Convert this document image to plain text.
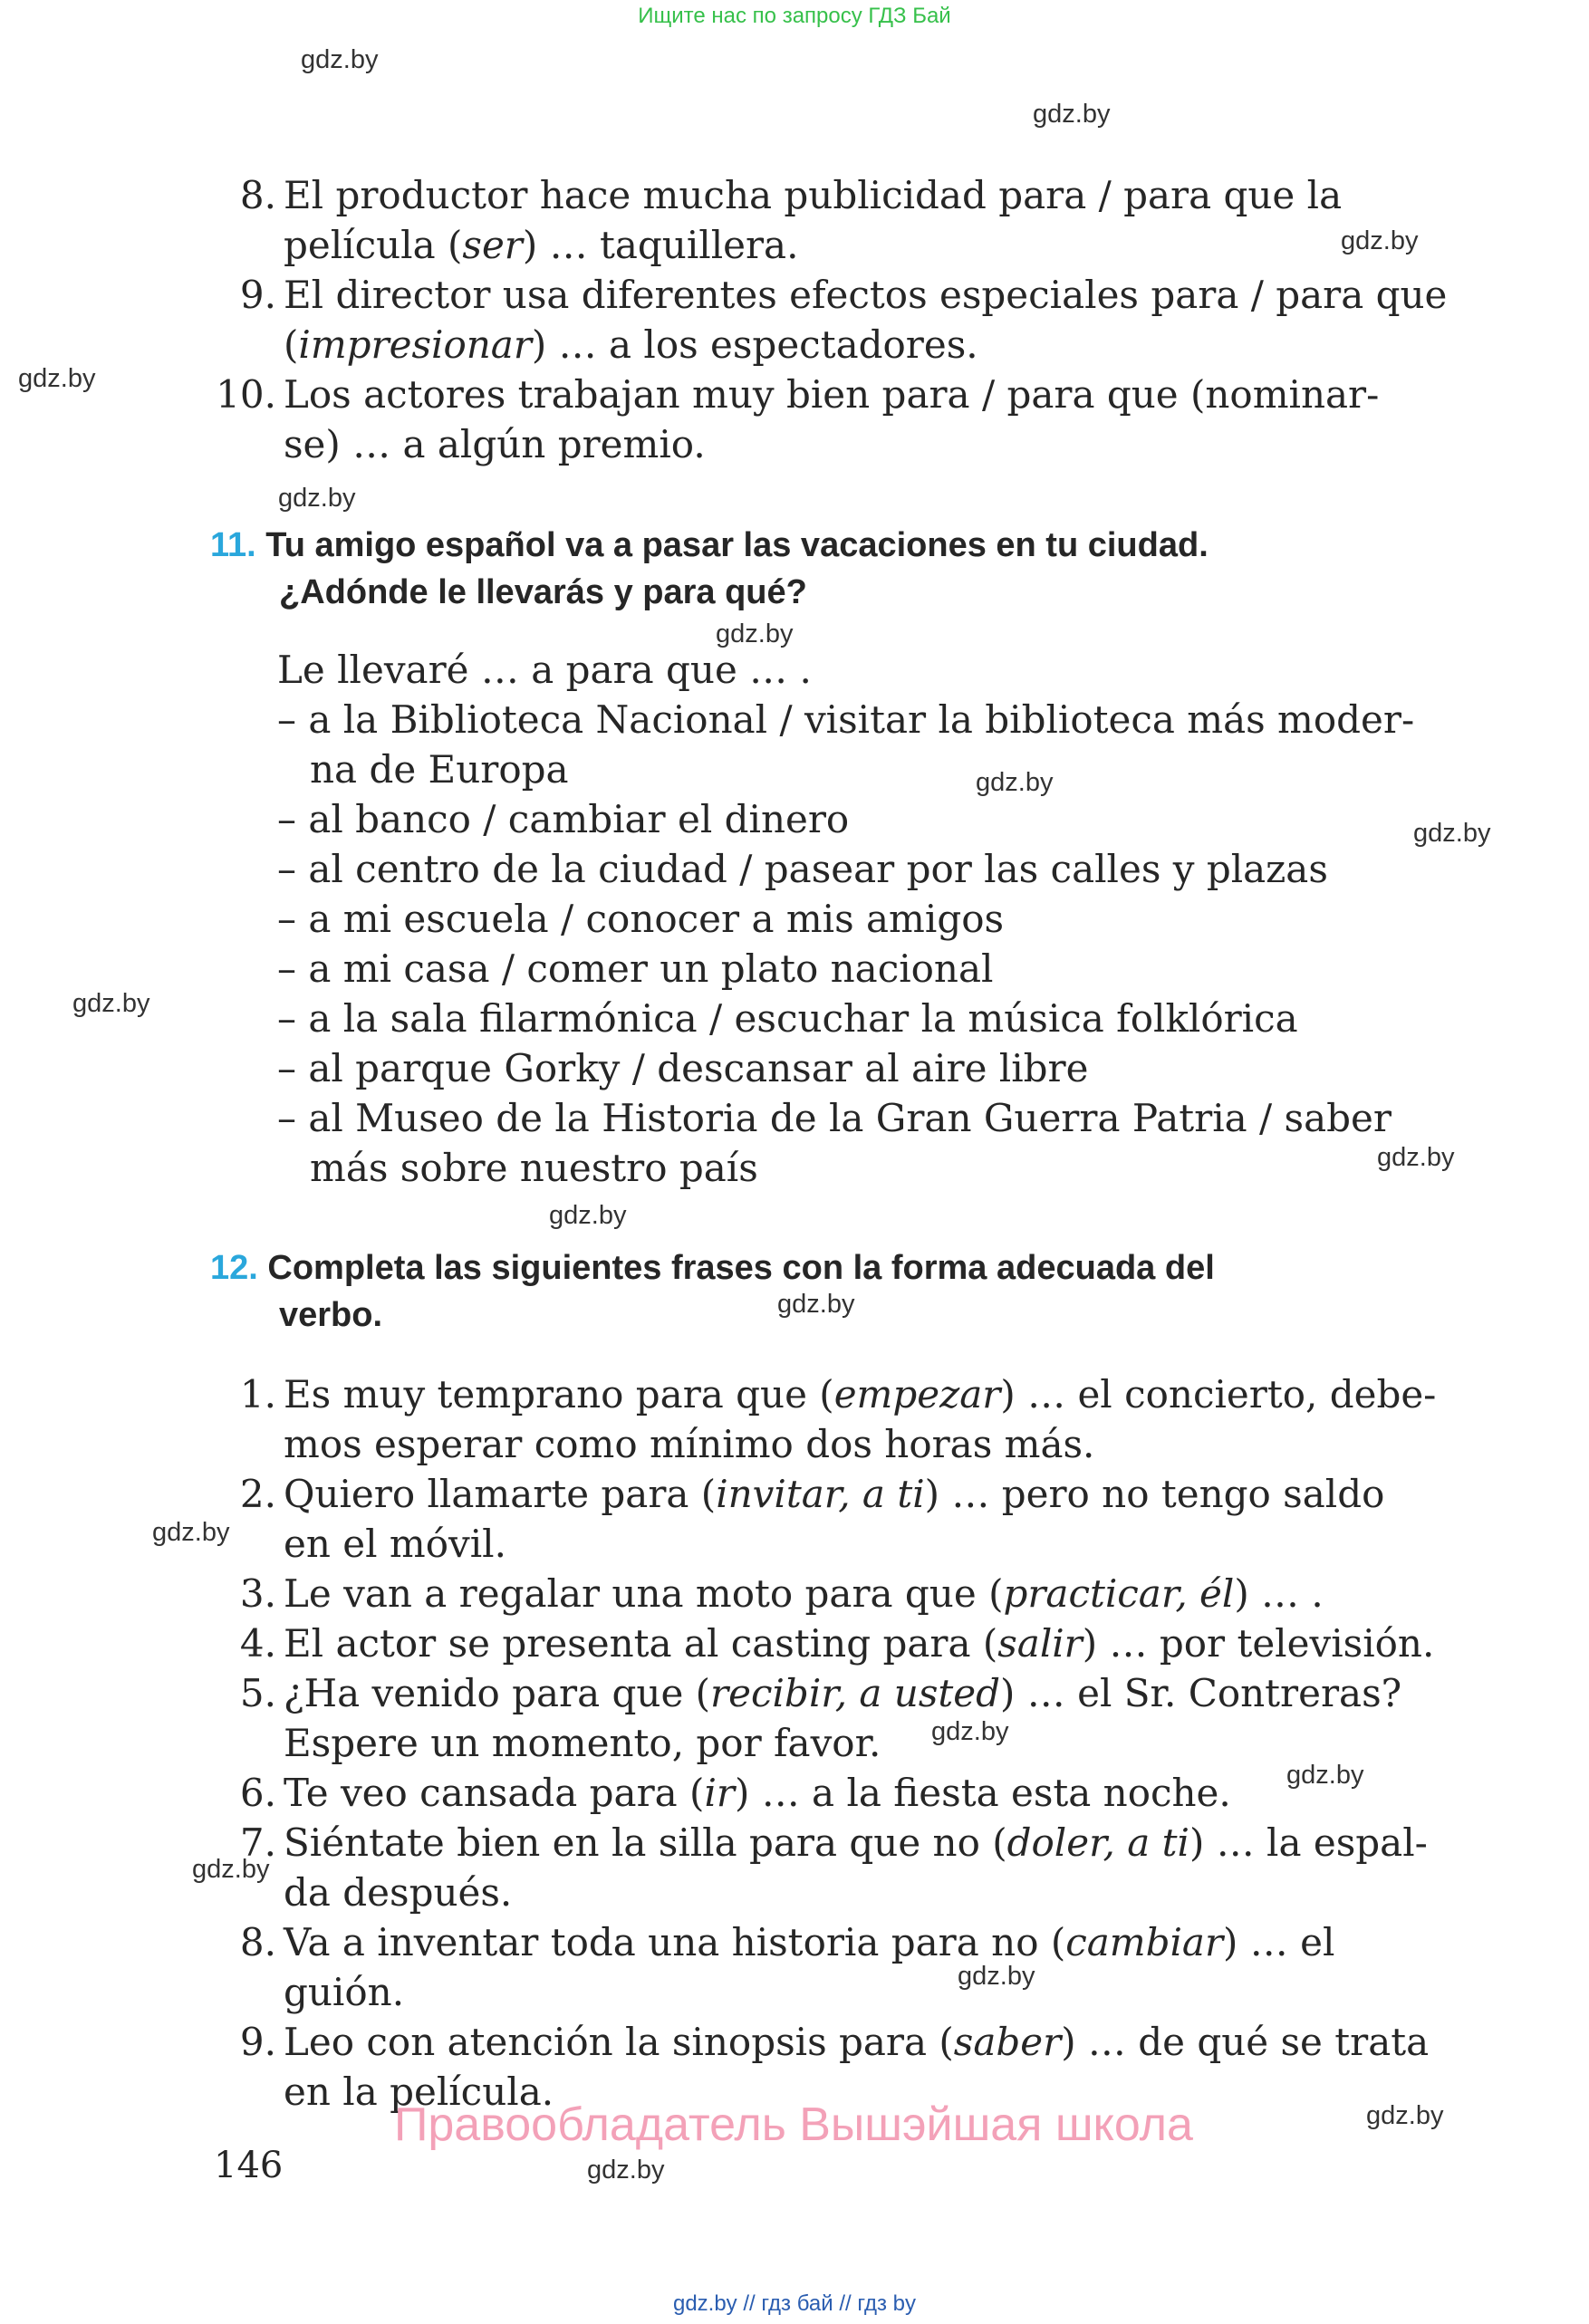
Ищите нас по запросу ГДЗ Бай
gdz.by
gdz.by
gdz.by
gdz.by
gdz.by
gdz.by
gdz.by
gdz.by
gdz.by
gdz.by
gdz.by
gdz.by
gdz.by
gdz.by
gdz.by
gdz.by
gdz.by
gdz.by
gdz.by
8. El productor hace mucha publicidad para / para que la
película (ser) … taquillera.
9. El director usa diferentes efectos especiales para / para que
(impresionar) … a los espectadores.
10. Los actores trabajan muy bien para / para que (nominar-
se) … a algún premio.
11. Tu amigo español va a pasar las vacaciones en tu ciudad.
¿Adónde le llevarás y para qué?
Le llevaré … a para que … .
– a la Biblioteca Nacional / visitar la biblioteca más moder-
na de Europa
– al banco / cambiar el dinero
– al centro de la ciudad / pasear por las calles y plazas
– a mi escuela / conocer a mis amigos
– a mi casa / comer un plato nacional
– a la sala filarmónica / escuchar la música folklórica
– al parque Gorky / descansar al aire libre
– al Museo de la Historia de la Gran Guerra Patria / saber
más sobre nuestro país
12. Completa las siguientes frases con la forma adecuada del
verbo.
1. Es muy temprano para que (empezar) … el concierto, debe-
mos esperar como mínimo dos horas más.
2. Quiero llamarte para (invitar, a ti) … pero no tengo saldo
en el móvil.
3. Le van a regalar una moto para que (practicar, él) … .
4. El actor se presenta al casting para (salir) … por televisión.
5. ¿Ha venido para que (recibir, a usted) … el Sr. Contreras?
Espere un momento, por favor.
6. Te veo cansada para (ir) … a la fiesta esta noche.
7. Siéntate bien en la silla para que no (doler, a ti) … la espal-
da después.
8. Va a inventar toda una historia para no (cambiar) … el
guión.
9. Leo con atención la sinopsis para (saber) … de qué se trata
en la película.
Правообладатель Вышэйшая школа
146
gdz.by // гдз бай // гдз by
